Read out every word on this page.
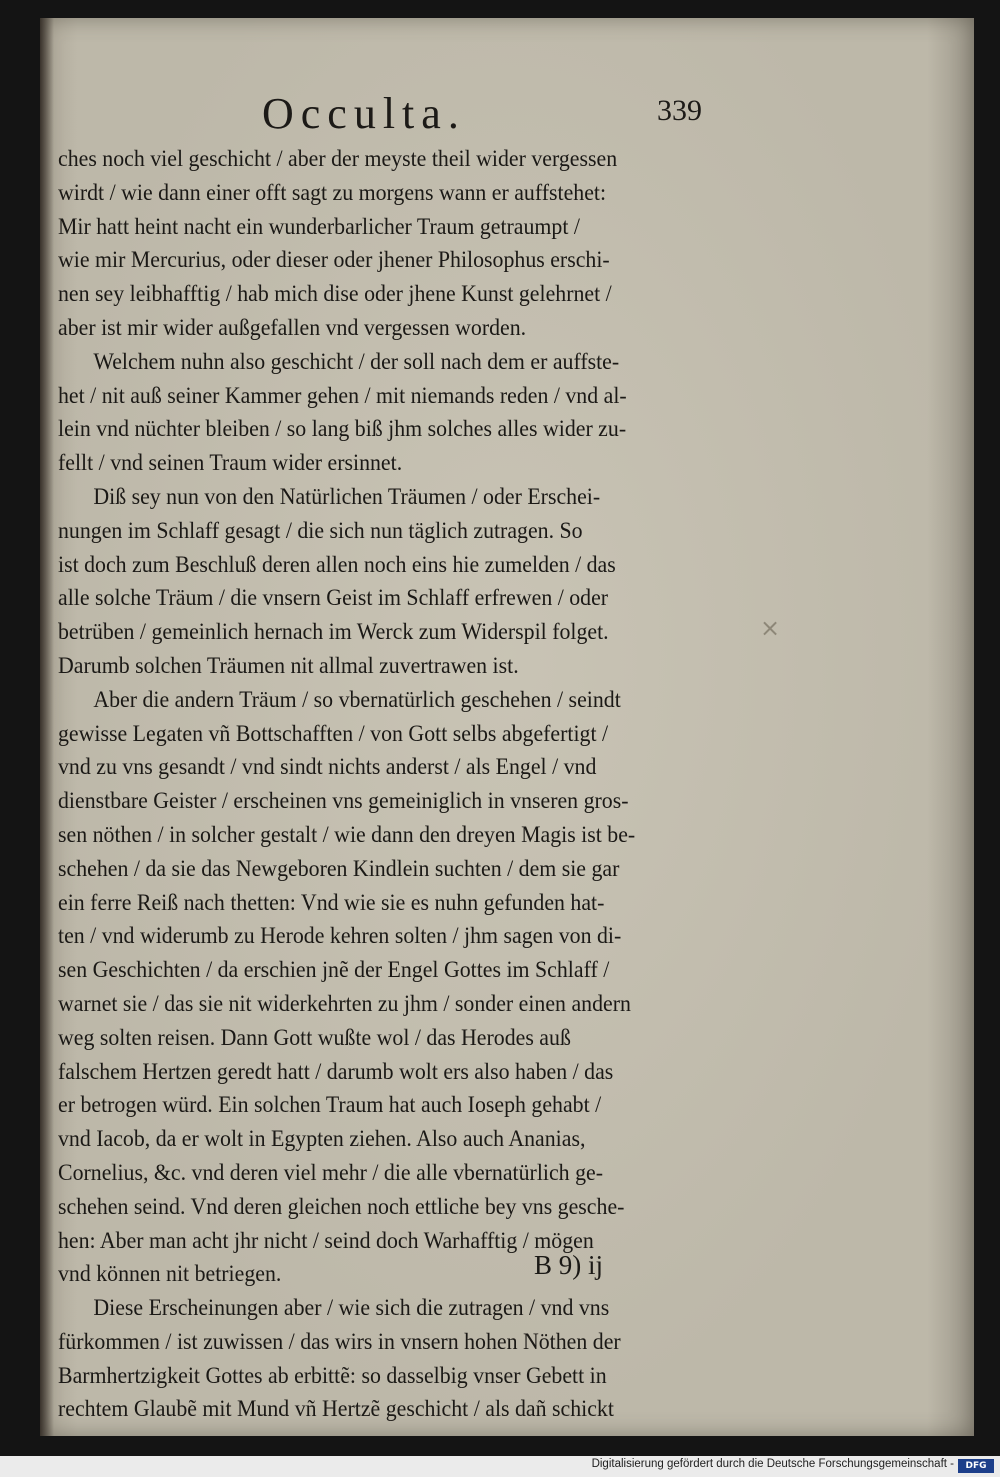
Occulta.	339
ches noch viel geschicht / aber der meyste theil wider vergessen
wirdt / wie dann einer offt sagt zu morgens wann er auffstehet:
Mir hatt heint nacht ein wunderbarlicher Traum getraumpt /
wie mir Mercurius, oder dieser oder jhener Philosophus erschi-
nen sey leibhafftig / hab mich dise oder jhene Kunst gelehrnet /
aber ist mir wider außgefallen vnd vergessen worden.
Welchem nuhn also geschicht / der soll nach dem er auffste-
het / nit auß seiner Kammer gehen / mit niemands reden / vnd al-
lein vnd nüchter bleiben / so lang biß jhm solches alles wider zu-
fellt / vnd seinen Traum wider ersinnet.
Diß sey nun von den Natürlichen Träumen / oder Erschei-
nungen im Schlaff gesagt / die sich nun täglich zutragen. So
ist doch zum Beschluß deren allen noch eins hie zumelden / das
alle solche Träum / die vnsern Geist im Schlaff erfrewen / oder
betrüben / gemeinlich hernach im Werck zum Widerspil folget.
Darumb solchen Träumen nit allmal zuvertrawen ist.
Aber die andern Träum / so vbernatürlich geschehen / seindt
gewisse Legaten vñ Bottschafften / von Gott selbs abgefertigt /
vnd zu vns gesandt / vnd sindt nichts anderst / als Engel / vnd
dienstbare Geister / erscheinen vns gemeiniglich in vnseren gros-
sen nöthen / in solcher gestalt / wie dann den dreyen Magis ist be-
schehen / da sie das Newgeboren Kindlein suchten / dem sie gar
ein ferre Reiß nach thetten: Vnd wie sie es nuhn gefunden hat-
ten / vnd widerumb zu Herode kehren solten / jhm sagen von di-
sen Geschichten / da erschien jnẽ der Engel Gottes im Schlaff /
warnet sie / das sie nit widerkehrten zu jhm / sonder einen andern
weg solten reisen. Dann Gott wußte wol / das Herodes auß
falschem Hertzen geredt hatt / darumb wolt ers also haben / das
er betrogen würd. Ein solchen Traum hat auch Ioseph gehabt /
vnd Iacob, da er wolt in Egypten ziehen. Also auch Ananias,
Cornelius, &c. vnd deren viel mehr / die alle vbernatürlich ge-
schehen seind. Vnd deren gleichen noch ettliche bey vns gesche-
hen: Aber man acht jhr nicht / seind doch Warhafftig / mögen
vnd können nit betriegen.
Diese Erscheinungen aber / wie sich die zutragen / vnd vns
fürkommen / ist zuwissen / das wirs in vnsern hohen Nöthen der
Barmhertzigkeit Gottes ab erbittẽ: so dasselbig vnser Gebett in
rechtem Glaubẽ mit Mund vñ Hertzẽ geschicht / als dañ schickt
×
B 9) ij
Digitalisierung gefördert durch die Deutsche Forschungsgemeinschaft -	DFG
